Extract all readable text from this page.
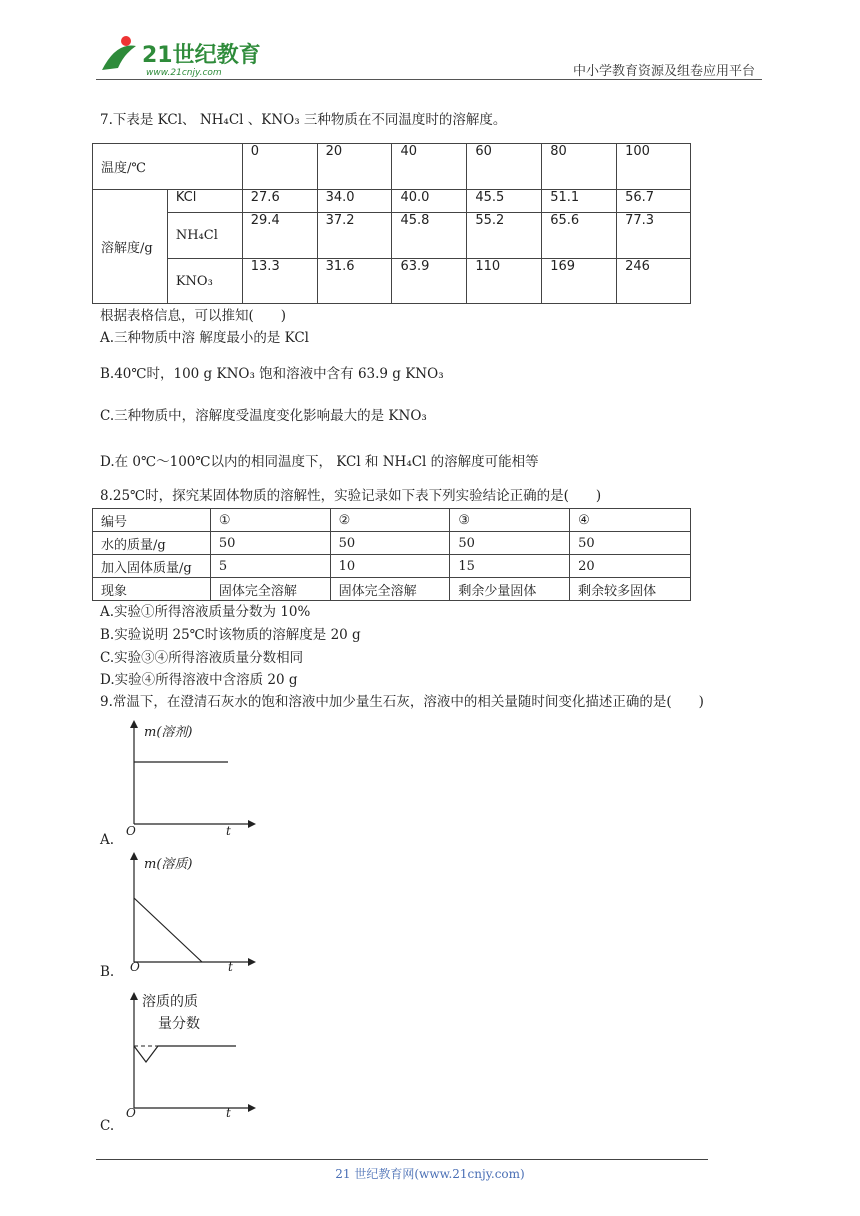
21世纪教育
www.21cnjy.com	中小学教育资源及组卷应用平台
7.下表是 KCl、 NH₄Cl 、KNO₃ 三种物质在不同温度时的溶解度。
温度/℃		0	20	40	60	80	100
溶解度/g	KCl	27.6	34.0	40.0	45.5	51.1	56.7
	NH₄Cl	29.4	37.2	45.8	55.2	65.6	77.3
	KNO₃	13.3	31.6	63.9	110	169	246
根据表格信息，可以推知(　　)
A.三种物质中溶 解度最小的是 KCl
B.40℃时，100 g KNO₃ 饱和溶液中含有 63.9 g KNO₃
C.三种物质中，溶解度受温度变化影响最大的是 KNO₃
D.在 0℃～100℃以内的相同温度下， KCl 和 NH₄Cl 的溶解度可能相等
8.25℃时，探究某固体物质的溶解性，实验记录如下表下列实验结论正确的是(　　)
编号	①	②	③	④
水的质量/g	50	50	50	50
加入固体质量/g	5	10	15	20
现象	固体完全溶解	固体完全溶解	剩余少量固体	剩余较多固体
A.实验①所得溶液质量分数为 10%
B.实验说明 25℃时该物质的溶解度是 20 g
C.实验③④所得溶液质量分数相同
D.实验④所得溶液中含溶质 20 g
9.常温下，在澄清石灰水的饱和溶液中加少量生石灰，溶液中的相关量随时间变化描述正确的是(　　)
m(溶剂)
O	t
A.
m(溶质)
O	t
B.
溶质的质
量分数
O	t
C.
21 世纪教育网(www.21cnjy.com)
